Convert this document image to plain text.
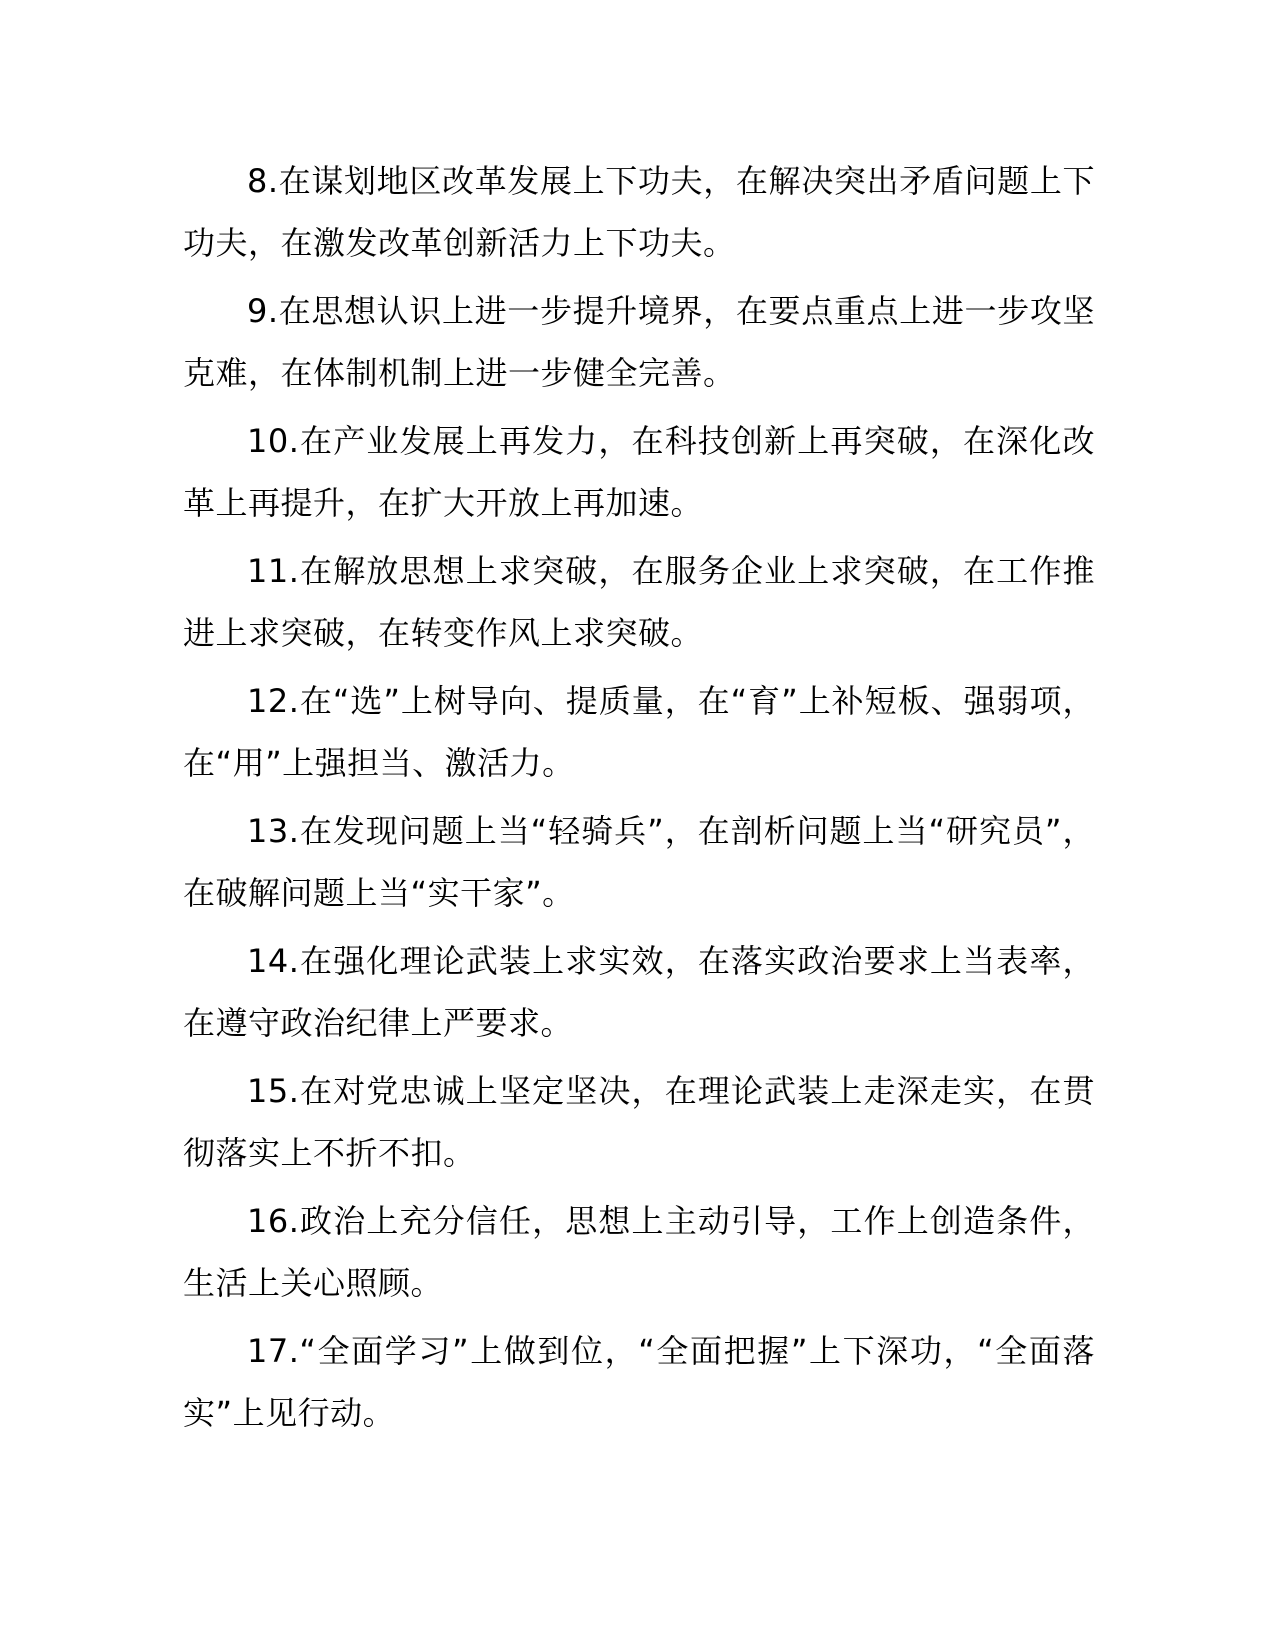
8.在谋划地区改革发展上下功夫，在解决突出矛盾问题上下功夫，在激发改革创新活力上下功夫。

9.在思想认识上进一步提升境界，在要点重点上进一步攻坚克难，在体制机制上进一步健全完善。

10.在产业发展上再发力，在科技创新上再突破，在深化改革上再提升，在扩大开放上再加速。

11.在解放思想上求突破，在服务企业上求突破，在工作推进上求突破，在转变作风上求突破。

12.在“选”上树导向、提质量，在“育”上补短板、强弱项，在“用”上强担当、激活力。

13.在发现问题上当“轻骑兵”，在剖析问题上当“研究员”，在破解问题上当“实干家”。

14.在强化理论武装上求实效，在落实政治要求上当表率，在遵守政治纪律上严要求。

15.在对党忠诚上坚定坚决，在理论武装上走深走实，在贯彻落实上不折不扣。

16.政治上充分信任，思想上主动引导，工作上创造条件，生活上关心照顾。

17.“全面学习”上做到位，“全面把握”上下深功，“全面落实”上见行动。
